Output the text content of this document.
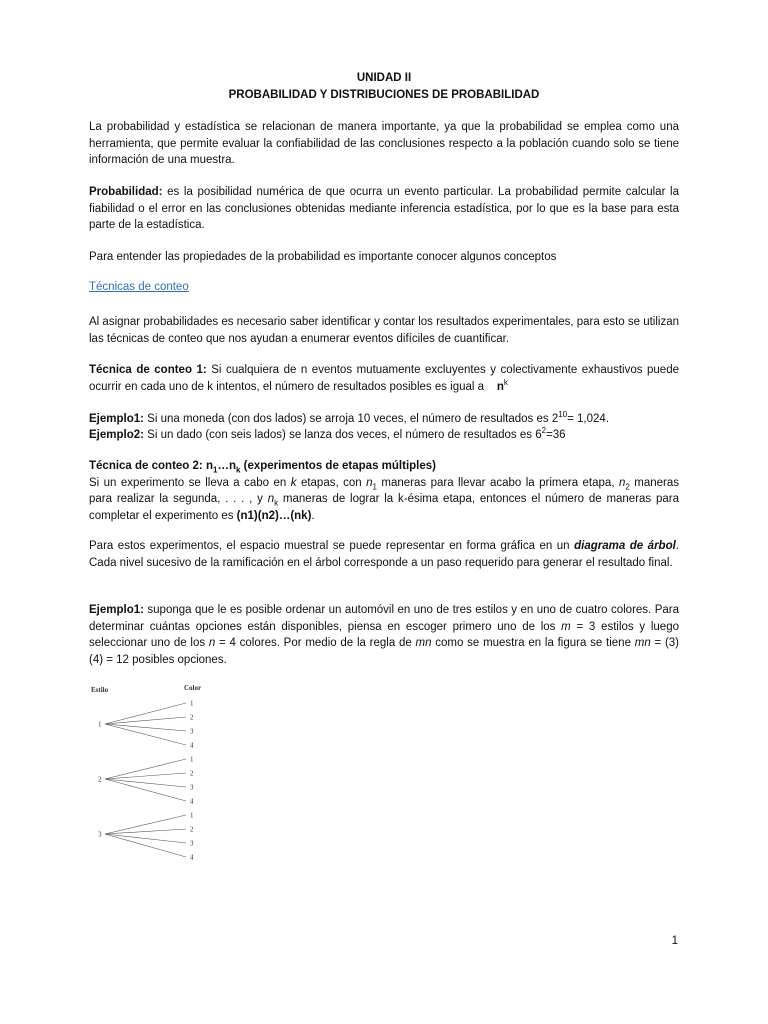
UNIDAD II
PROBABILIDAD Y DISTRIBUCIONES DE PROBABILIDAD
La probabilidad y estadística se relacionan de manera importante, ya que la probabilidad se emplea como una herramienta, que permite evaluar la confiabilidad de las conclusiones respecto a la población cuando solo se tiene información de una muestra.
Probabilidad: es la posibilidad numérica de que ocurra un evento particular. La probabilidad permite calcular la fiabilidad o el error en las conclusiones obtenidas mediante inferencia estadística, por lo que es la base para esta parte de la estadística.
Para entender las propiedades de la probabilidad es importante conocer algunos conceptos
Técnicas de conteo
Al asignar probabilidades es necesario saber identificar y contar los resultados experimentales, para esto se utilizan las técnicas de conteo que nos ayudan a enumerar eventos difíciles de cuantificar.
Técnica de conteo 1: Si cualquiera de n eventos mutuamente excluyentes y colectivamente exhaustivos puede ocurrir en cada uno de k intentos, el número de resultados posibles es igual a    $n^k$
Ejemplo1: Si una moneda (con dos lados) se arroja 10 veces, el número de resultados es $2^{10}= 1,024$.
Ejemplo2: Si un dado (con seis lados) se lanza dos veces, el número de resultados es $6^2=36$
Técnica de conteo 2: $n_1\dots n_k$ (experimentos de etapas múltiples)
Si un experimento se lleva a cabo en k etapas, con $n_1$ maneras para llevar acabo la primera etapa, $n_2$ maneras para realizar la segunda, . . . , y $n_k$ maneras de lograr la k-ésima etapa, entonces el número de maneras para completar el experimento es (n1)(n2)…(nk).
Para estos experimentos, el espacio muestral se puede representar en forma gráfica en un diagrama de árbol. Cada nivel sucesivo de la ramificación en el árbol corresponde a un paso requerido para generar el resultado final.
Ejemplo1: suponga que le es posible ordenar un automóvil en uno de tres estilos y en uno de cuatro colores. Para determinar cuántas opciones están disponibles, piensa en escoger primero uno de los m = 3 estilos y luego seleccionar uno de los n = 4 colores. Por medio de la regla de mn como se muestra en la figura se tiene mn = (3)(4) = 12 posibles opciones.
Estilo	Color
1
1
2
3
4
2
1
2
3
4
3
1
2
3
4
1
